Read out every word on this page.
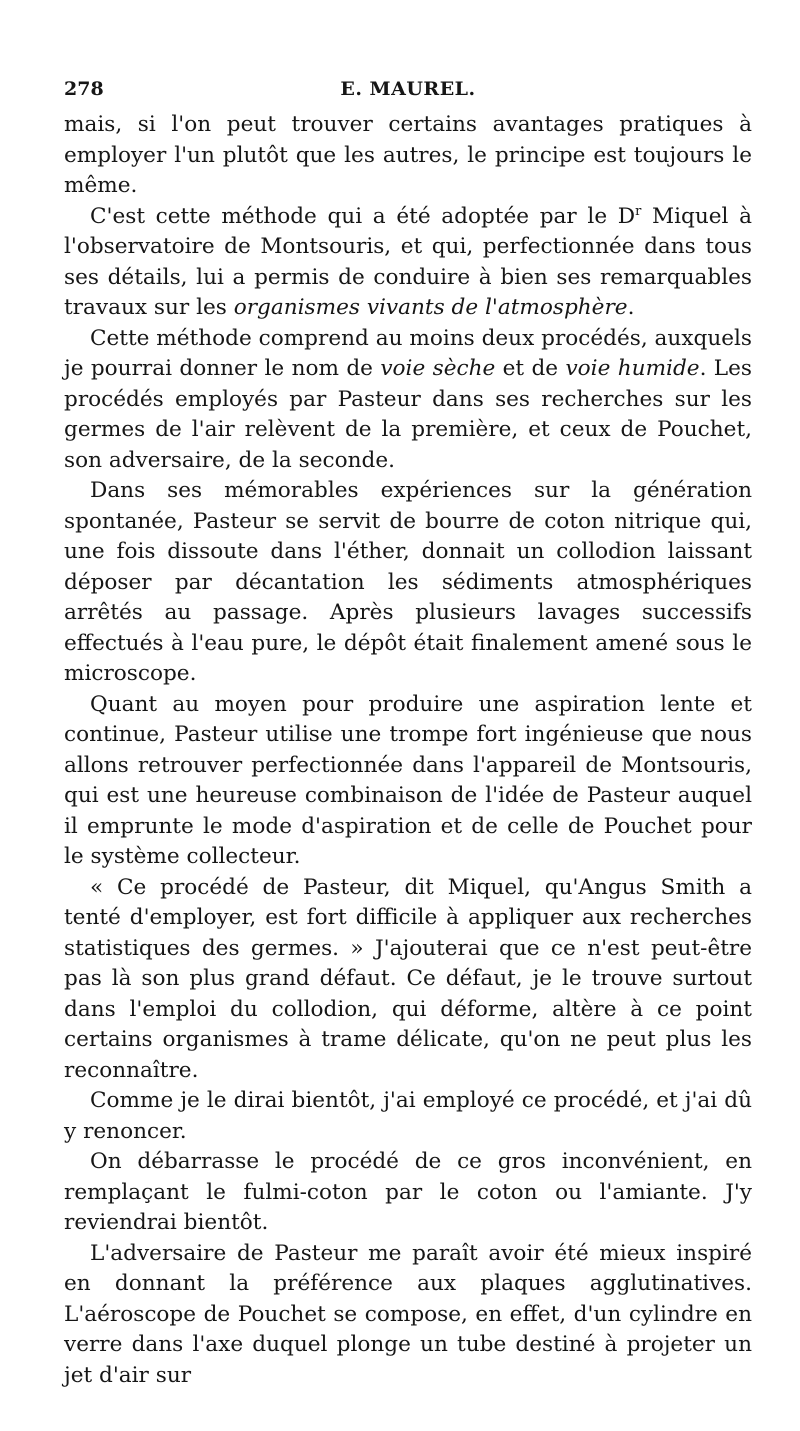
278	E. MAUREL.

mais, si l'on peut trouver certains avantages pratiques à employer l'un plutôt que les autres, le principe est toujours le même.

C'est cette méthode qui a été adoptée par le $D^r$ Miquel à l'observatoire de Montsouris, et qui, perfectionnée dans tous ses détails, lui a permis de conduire à bien ses remarquables travaux sur les organismes vivants de l'atmosphère.

Cette méthode comprend au moins deux procédés, auxquels je pourrai donner le nom de voie sèche et de voie humide. Les procédés employés par Pasteur dans ses recherches sur les germes de l'air relèvent de la première, et ceux de Pouchet, son adversaire, de la seconde.

Dans ses mémorables expériences sur la génération spontanée, Pasteur se servit de bourre de coton nitrique qui, une fois dissoute dans l'éther, donnait un collodion laissant déposer par décantation les sédiments atmosphériques arrêtés au passage. Après plusieurs lavages successifs effectués à l'eau pure, le dépôt était finalement amené sous le microscope.

Quant au moyen pour produire une aspiration lente et continue, Pasteur utilise une trompe fort ingénieuse que nous allons retrouver perfectionnée dans l'appareil de Montsouris, qui est une heureuse combinaison de l'idée de Pasteur auquel il emprunte le mode d'aspiration et de celle de Pouchet pour le système collecteur.

« Ce procédé de Pasteur, dit Miquel, qu'Angus Smith a tenté d'employer, est fort difficile à appliquer aux recherches statistiques des germes. » J'ajouterai que ce n'est peut-être pas là son plus grand défaut. Ce défaut, je le trouve surtout dans l'emploi du collodion, qui déforme, altère à ce point certains organismes à trame délicate, qu'on ne peut plus les reconnaître.

Comme je le dirai bientôt, j'ai employé ce procédé, et j'ai dû y renoncer.

On débarrasse le procédé de ce gros inconvénient, en remplaçant le fulmi-coton par le coton ou l'amiante. J'y reviendrai bientôt.

L'adversaire de Pasteur me paraît avoir été mieux inspiré en donnant la préférence aux plaques agglutinatives. L'aéroscope de Pouchet se compose, en effet, d'un cylindre en verre dans l'axe duquel plonge un tube destiné à projeter un jet d'air sur
